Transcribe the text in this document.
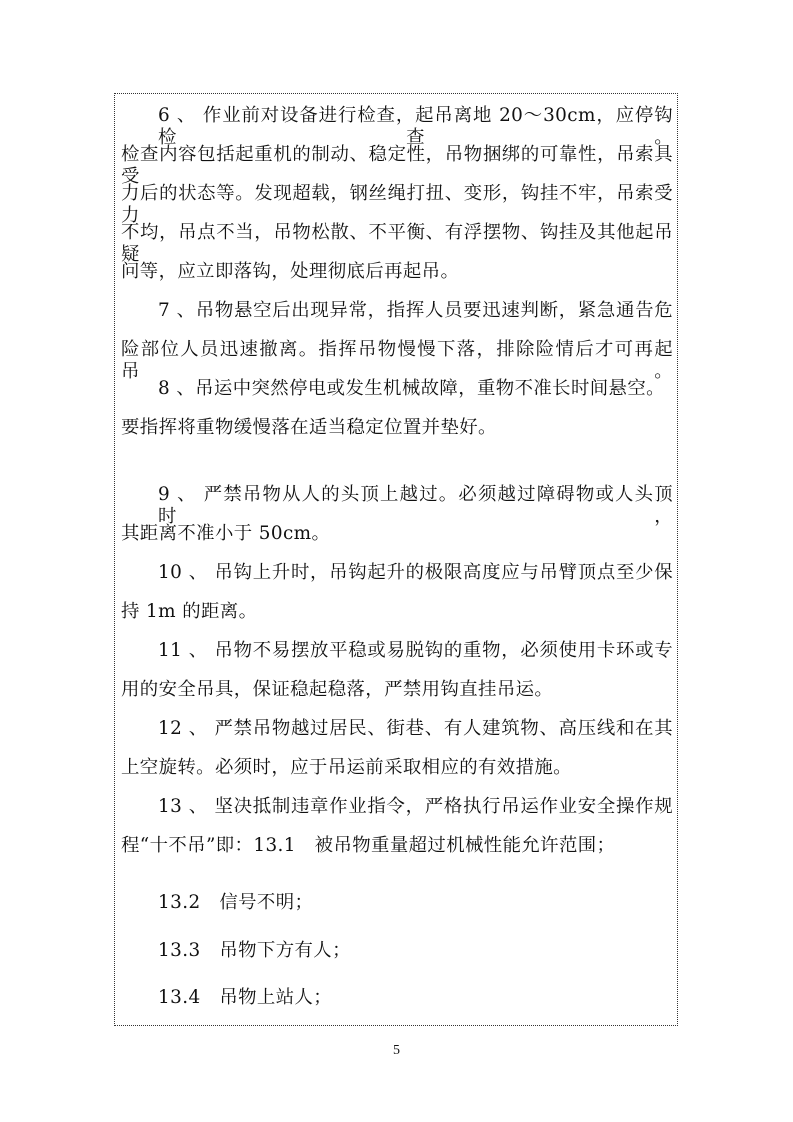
6 、 作业前对设备进行检查，起吊离地 20～30cm，应停钩检查。
检查内容包括起重机的制动、稳定性，吊物捆绑的可靠性，吊索具受
力后的状态等。发现超载，钢丝绳打扭、变形，钩挂不牢，吊索受力
不均，吊点不当，吊物松散、不平衡、有浮摆物、钩挂及其他起吊疑
问等，应立即落钩，处理彻底后再起吊。
7 、吊物悬空后出现异常，指挥人员要迅速判断，紧急通告危
险部位人员迅速撤离。指挥吊物慢慢下落，排除险情后才可再起吊。
8 、吊运中突然停电或发生机械故障，重物不准长时间悬空。
要指挥将重物缓慢落在适当稳定位置并垫好。
9 、 严禁吊物从人的头顶上越过。必须越过障碍物或人头顶时，
其距离不准小于 50cm。
10 、 吊钩上升时，吊钩起升的极限高度应与吊臂顶点至少保
持 1m 的距离。
11 、 吊物不易摆放平稳或易脱钩的重物，必须使用卡环或专
用的安全吊具，保证稳起稳落，严禁用钩直挂吊运。
12 、 严禁吊物越过居民、街巷、有人建筑物、高压线和在其
上空旋转。必须时，应于吊运前采取相应的有效措施。
13 、 坚决抵制违章作业指令，严格执行吊运作业安全操作规
程“十不吊”即：13.1　被吊物重量超过机械性能允许范围；
13.2　信号不明；
13.3　吊物下方有人；
13.4　吊物上站人；
5
